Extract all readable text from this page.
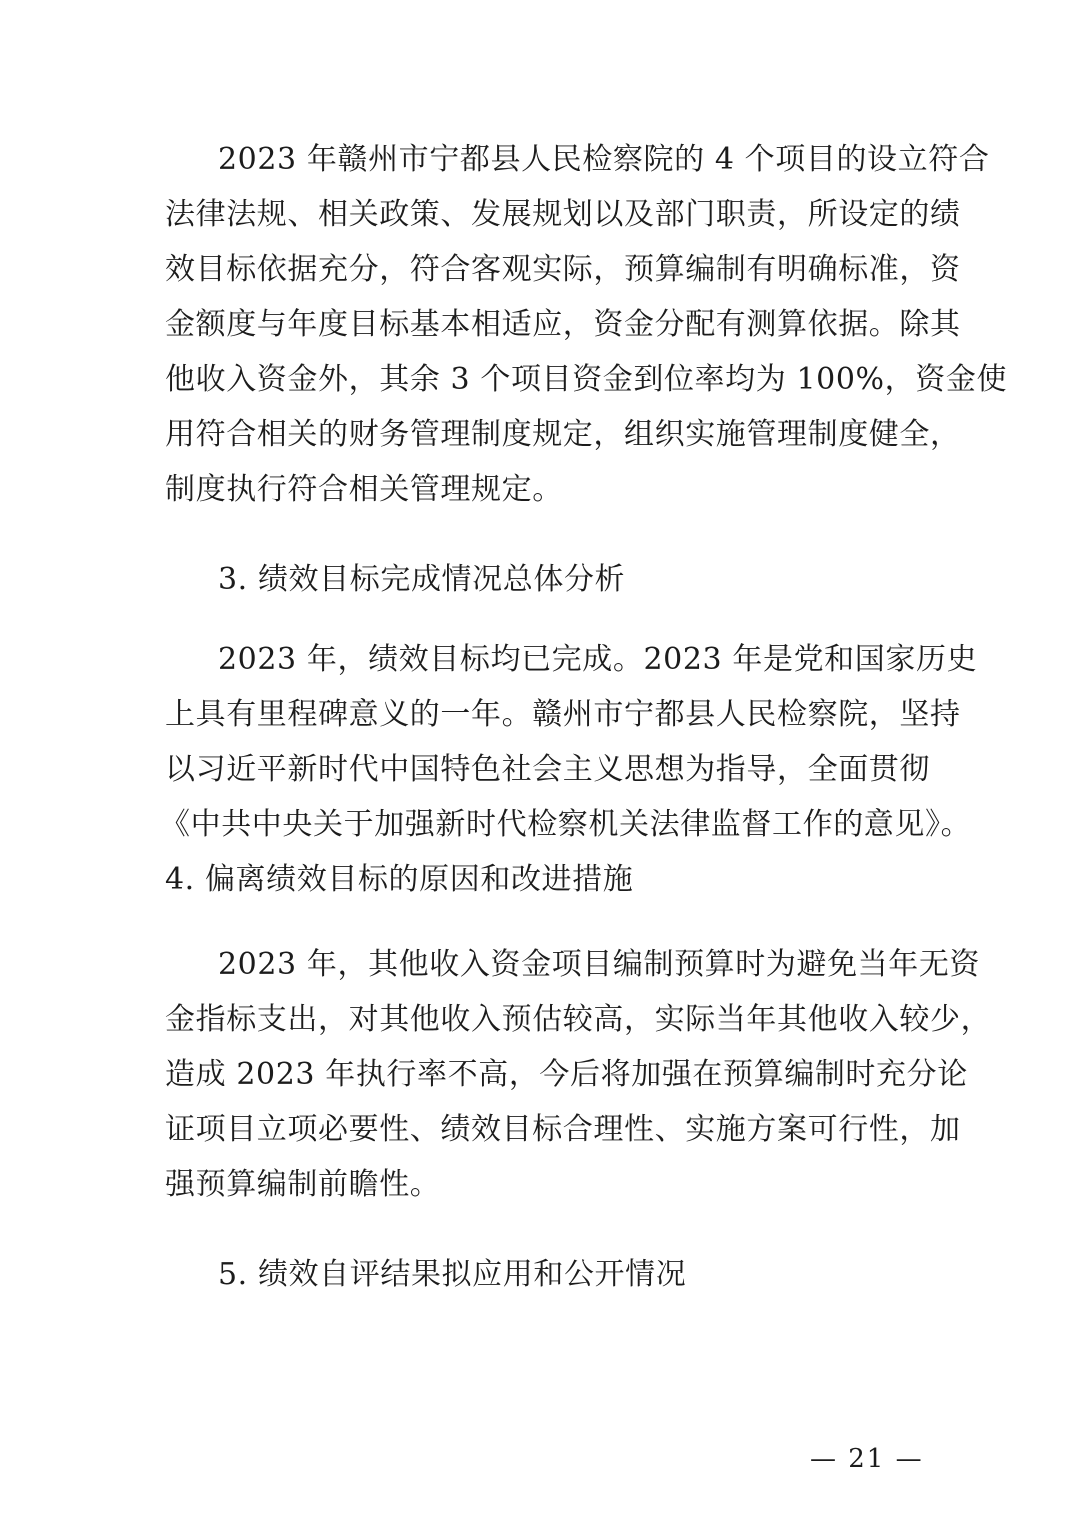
2023 年赣州市宁都县人民检察院的 4 个项目的设立符合
法律法规、相关政策、发展规划以及部门职责，所设定的绩
效目标依据充分，符合客观实际，预算编制有明确标准，资
金额度与年度目标基本相适应，资金分配有测算依据。除其
他收入资金外，其余 3 个项目资金到位率均为 100%，资金使
用符合相关的财务管理制度规定，组织实施管理制度健全，
制度执行符合相关管理规定。
3. 绩效目标完成情况总体分析
2023 年，绩效目标均已完成。2023 年是党和国家历史
上具有里程碑意义的一年。赣州市宁都县人民检察院，坚持
以习近平新时代中国特色社会主义思想为指导，全面贯彻
《中共中央关于加强新时代检察机关法律监督工作的意见》。
4. 偏离绩效目标的原因和改进措施
2023 年，其他收入资金项目编制预算时为避免当年无资
金指标支出，对其他收入预估较高，实际当年其他收入较少，
造成 2023 年执行率不高，今后将加强在预算编制时充分论
证项目立项必要性、绩效目标合理性、实施方案可行性，加
强预算编制前瞻性。
5. 绩效自评结果拟应用和公开情况
— 21 —
